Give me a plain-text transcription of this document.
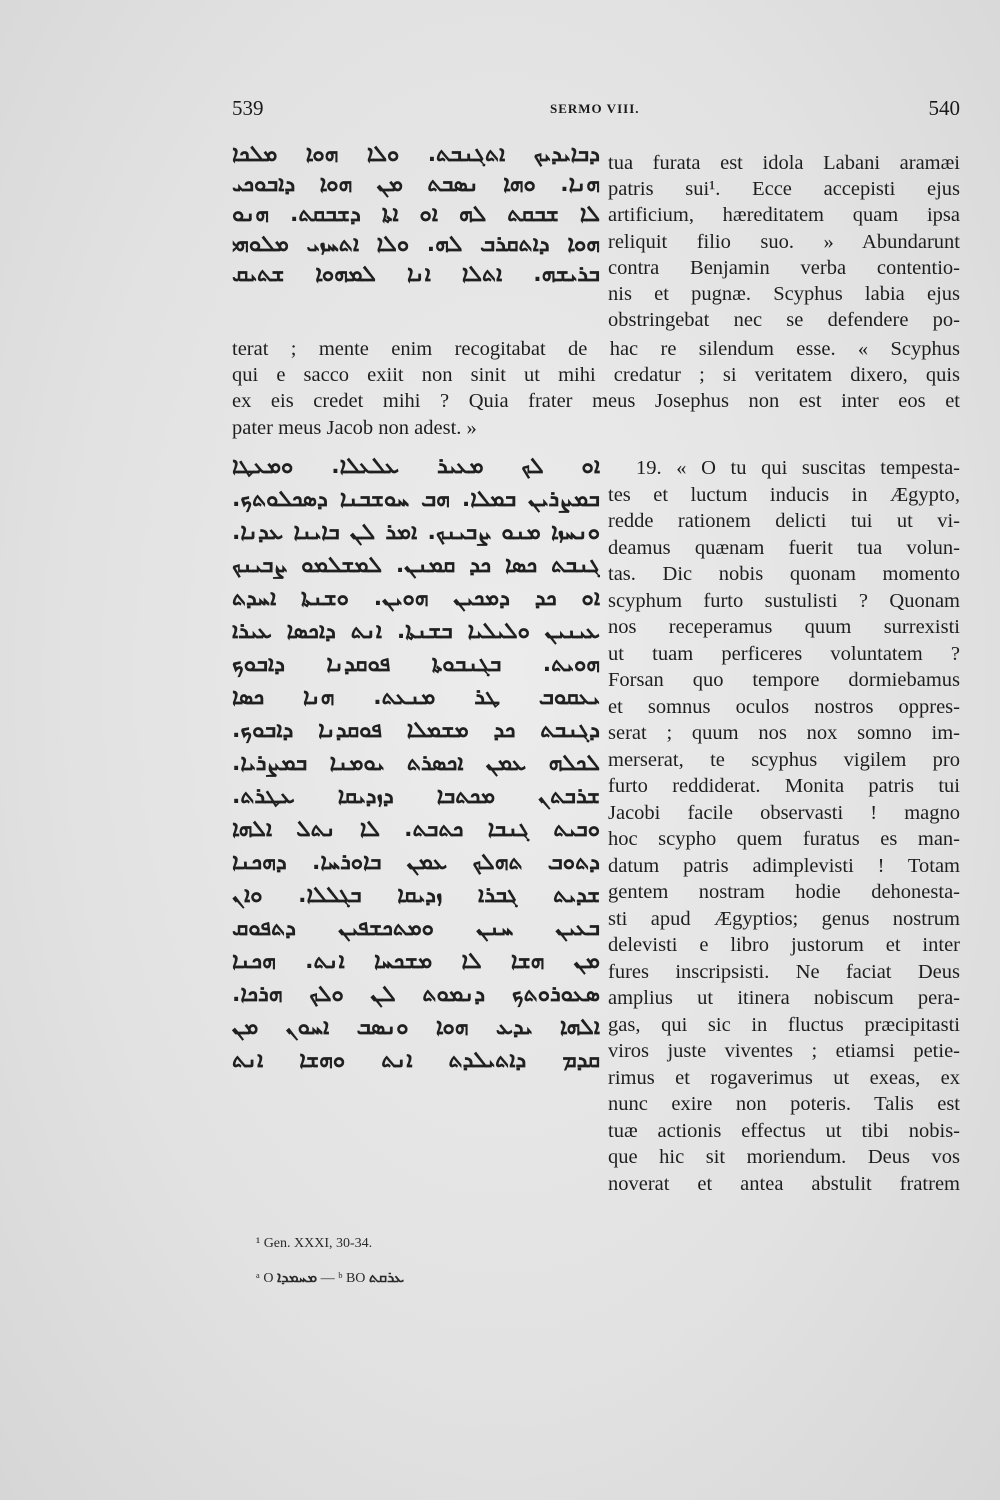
539	SERMO VIII.	540
ܕܒܐܝܕܝܟ ܐܬܓܢܒܬ. ܘܠܐ ܗܘܐ ܡܠܟܐ
ܗܢܐ. ܘܗܐ ܢܣܒܬ ܡܢ ܗܘܐ ܕܐܒܘܟܝ
ܠܐ ܫܒܩܬ ܠܗ ܐܘ ܐܬܐ ܕܫܒܩܬ. ܗܢܘ
ܗܘܐ ܕܐܬܩܪܒ ܠܗ. ܘܠܐ ܐܬܚܙܝ ܡܠܘܗܝ
ܒܪܝܫܗ. ܐܬܠܐ ܐܢܐ ܠܡܗܘܐ ܫܬܝܩ
tua furata est idola Labani aramæi
patris sui¹. Ecce accepisti ejus
artificium, hæreditatem quam ipsa
reliquit filio suo. » Abundarunt
contra Benjamin verba contentio-
nis et pugnæ. Scyphus labia ejus
obstringebat nec se defendere po-
terat ; mente enim recogitabat de hac re silendum esse. « Scyphus
qui e sacco exiit non sinit ut mihi credatur ; si veritatem dixero, quis
ex eis credet mihi ? Quia frater meus Josephus non est inter eos et
pater meus Jacob non adest. »
ܐܘ ܠܟ ܡܥܝܪ ܥܠܥܠܐ. ܘܡܥܛܐ
ܒܡܨܪܝܢ ܒܡܠܐ. ܗܒ ܚܘܫܒܢܐ ܕܣܟܠܘܬܟ.
ܘܢܚܙܐ ܡܢܘ ܨܒܝܢܟ. ܐܡܪ ܠܢ ܒܐܝܢܐ ܥܕܢܐ.
ܓܢܒܬ ܟܣܐ ܟܕ ܩܡܢܢ. ܠܡܫܠܡܘ ܨܒܝܢܟ
ܐܘ ܟܕ ܕܡܟܝܢ ܗܘܝܢ. ܘܫܢܬܐ ܐܚܕܬ
ܥܝܢܝܢ ܘܠܝܠܝܐ ܒܫܢܬܐ. ܐܢܬ ܕܐܟܣܐ ܥܝܪܐ
ܗܘܝܬ. ܒܓܢܒܘܬܐ ܦܘܩܕܢܐ ܕܐܒܘܟ
ܝܥܩܘܒ ܛܪ ܡܢܥܬ. ܗܢܐ ܟܣܐ
ܕܓܢܒܬ ܟܕ ܡܫܡܠܐ ܦܘܩܕܢܐ ܕܐܒܘܟ.
ܠܟܠܗ ܥܡܢ ܐܟܣܪܬ ܝܘܡܢܐ ܒܡܨܪܝܐ.
ܫܪܒܬܢ ܡܟܬܒܐ ܕܙܕܝܩܐ ܥܛܪܬ.
ܘܒܝܬ ܓܢܒܐ ܟܬܒܬ. ܠܐ ܢܬܠ ܐܠܗܐ
ܕܬܘܒ ܬܗܠܟ ܥܡܢ ܒܐܘܪܚܐ. ܕܗܟܢܐ
ܫܕܝܬ ܓܒܪܐ ܙܕܝܩܐ ܒܓܠܠܐ. ܘܐܢ
ܒܥܝܢ ܚܢܢ ܘܡܬܟܫܦܝܢ ܕܬܦܘܩ
ܡܢ ܗܫܐ ܠܐ ܡܫܟܚܐ ܐܢܬ. ܗܟܢܐ
ܣܥܘܪܘܬܟ ܕܢܡܘܬ ܠܢ ܘܠܟ ܗܪܟܐ.
ܐܠܗܐ ܝܕܥ ܗܘܐ ܘܢܣܒ ܐܚܘܢ ܡܢ
ܩܕܡ ܕܐܬܝܠܕܬ ܐܢܬ ܘܗܫܐ ܐܢܬ
19. « O tu qui suscitas tempesta-
tes et luctum inducis in Ægypto,
redde rationem delicti tui ut vi-
deamus quænam fuerit tua volun-
tas. Dic nobis quonam momento
scyphum furto sustulisti ? Quonam
nos receperamus quum surrexisti
ut tuam perficeres voluntatem ?
Forsan quo tempore dormiebamus
et somnus oculos nostros oppres-
serat ; quum nos nox somno im-
merserat, te scyphus vigilem pro
furto reddiderat. Monita patris tui
Jacobi facile observasti ! magno
hoc scypho quem furatus es man-
datum patris adimplevisti ! Totam
gentem nostram hodie dehonesta-
sti apud Ægyptios; genus nostrum
delevisti e libro justorum et inter
fures inscripsisti. Ne faciat Deus
amplius ut itinera nobiscum pera-
gas, qui sic in fluctus præcipitasti
viros juste viventes ; etiamsi petie-
rimus et rogaverimus ut exeas, ex
nunc exire non poteris. Talis est
tuæ actionis effectus ut tibi nobis-
que hic sit moriendum. Deus vos
noverat et antea abstulit fratrem
¹ Gen. XXXI, 30-34.
ᵃ O ܡܚܡܕܐ — ᵇ BO ܥܪܩܬ
